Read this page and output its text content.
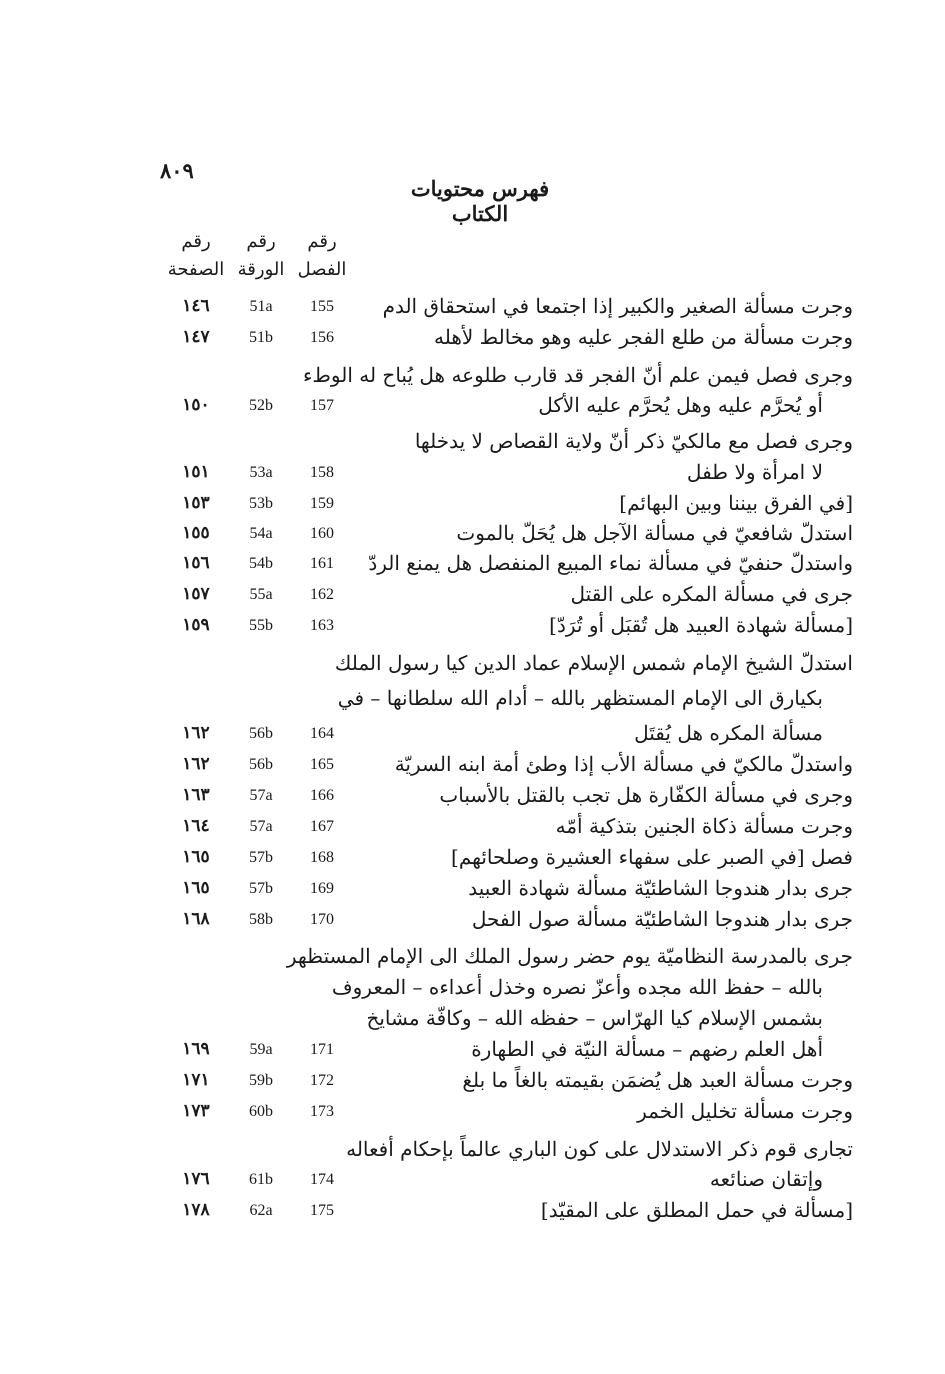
٨٠٩
فهرس محتويات الكتاب
رقم
الفصل
رقم
الورقة
رقم
الصفحة
وجرت مسألة الصغير والكبير إذا اجتمعا في استحقاق الدم
155
51a
١٤٦
وجرت مسألة من طلع الفجر عليه وهو مخالط لأهله
156
51b
١٤٧
وجرى فصل فيمن علم أنّ الفجر قد قارب طلوعه هل يُباح له الوطء
أو يُحرَّم عليه وهل يُحرَّم عليه الأكل
157
52b
١٥٠
وجرى فصل مع مالكيّ ذكر أنّ ولاية القصاص لا يدخلها
لا امرأة ولا طفل
158
53a
١٥١
[في الفرق بيننا وبين البهائم]
159
53b
١٥٣
استدلّ شافعيّ في مسألة الآجل هل يُحَلّ بالموت
160
54a
١٥٥
واستدلّ حنفيّ في مسألة نماء المبيع المنفصل هل يمنع الردّ
161
54b
١٥٦
جرى في مسألة المكره على القتل
162
55a
١٥٧
[مسألة شهادة العبيد هل تُقبَل أو تُرَدّ]
163
55b
١٥٩
استدلّ الشيخ الإمام شمس الإسلام عماد الدين كيا رسول الملك
بكيارق الى الإمام المستظهر بالله – أدام الله سلطانها – في
مسألة المكره هل يُقتَل
164
56b
١٦٢
واستدلّ مالكيّ في مسألة الأب إذا وطئ أمة ابنه السريّة
165
56b
١٦٢
وجرى في مسألة الكفّارة هل تجب بالقتل بالأسباب
166
57a
١٦٣
وجرت مسألة ذكاة الجنين بتذكية أمّه
167
57a
١٦٤
فصل [في الصبر على سفهاء العشيرة وصلحائهم]
168
57b
١٦٥
جرى بدار هندوجا الشاطئيّة مسألة شهادة العبيد
169
57b
١٦٥
جرى بدار هندوجا الشاطئيّة مسألة صول الفحل
170
58b
١٦٨
جرى بالمدرسة النظاميّة يوم حضر رسول الملك الى الإمام المستظهر
بالله – حفظ الله مجده وأعزّ نصره وخذل أعداءه – المعروف
بشمس الإسلام كيا الهرّاس – حفظه الله – وكافّة مشايخ
أهل العلم رضهم – مسألة النيّة في الطهارة
171
59a
١٦٩
وجرت مسألة العبد هل يُضمَن بقيمته بالغاً ما بلغ
172
59b
١٧١
وجرت مسألة تخليل الخمر
173
60b
١٧٣
تجارى قوم ذكر الاستدلال على كون الباري عالماً بإحكام أفعاله
وإتقان صنائعه
174
61b
١٧٦
[مسألة في حمل المطلق على المقيّد]
175
62a
١٧٨
